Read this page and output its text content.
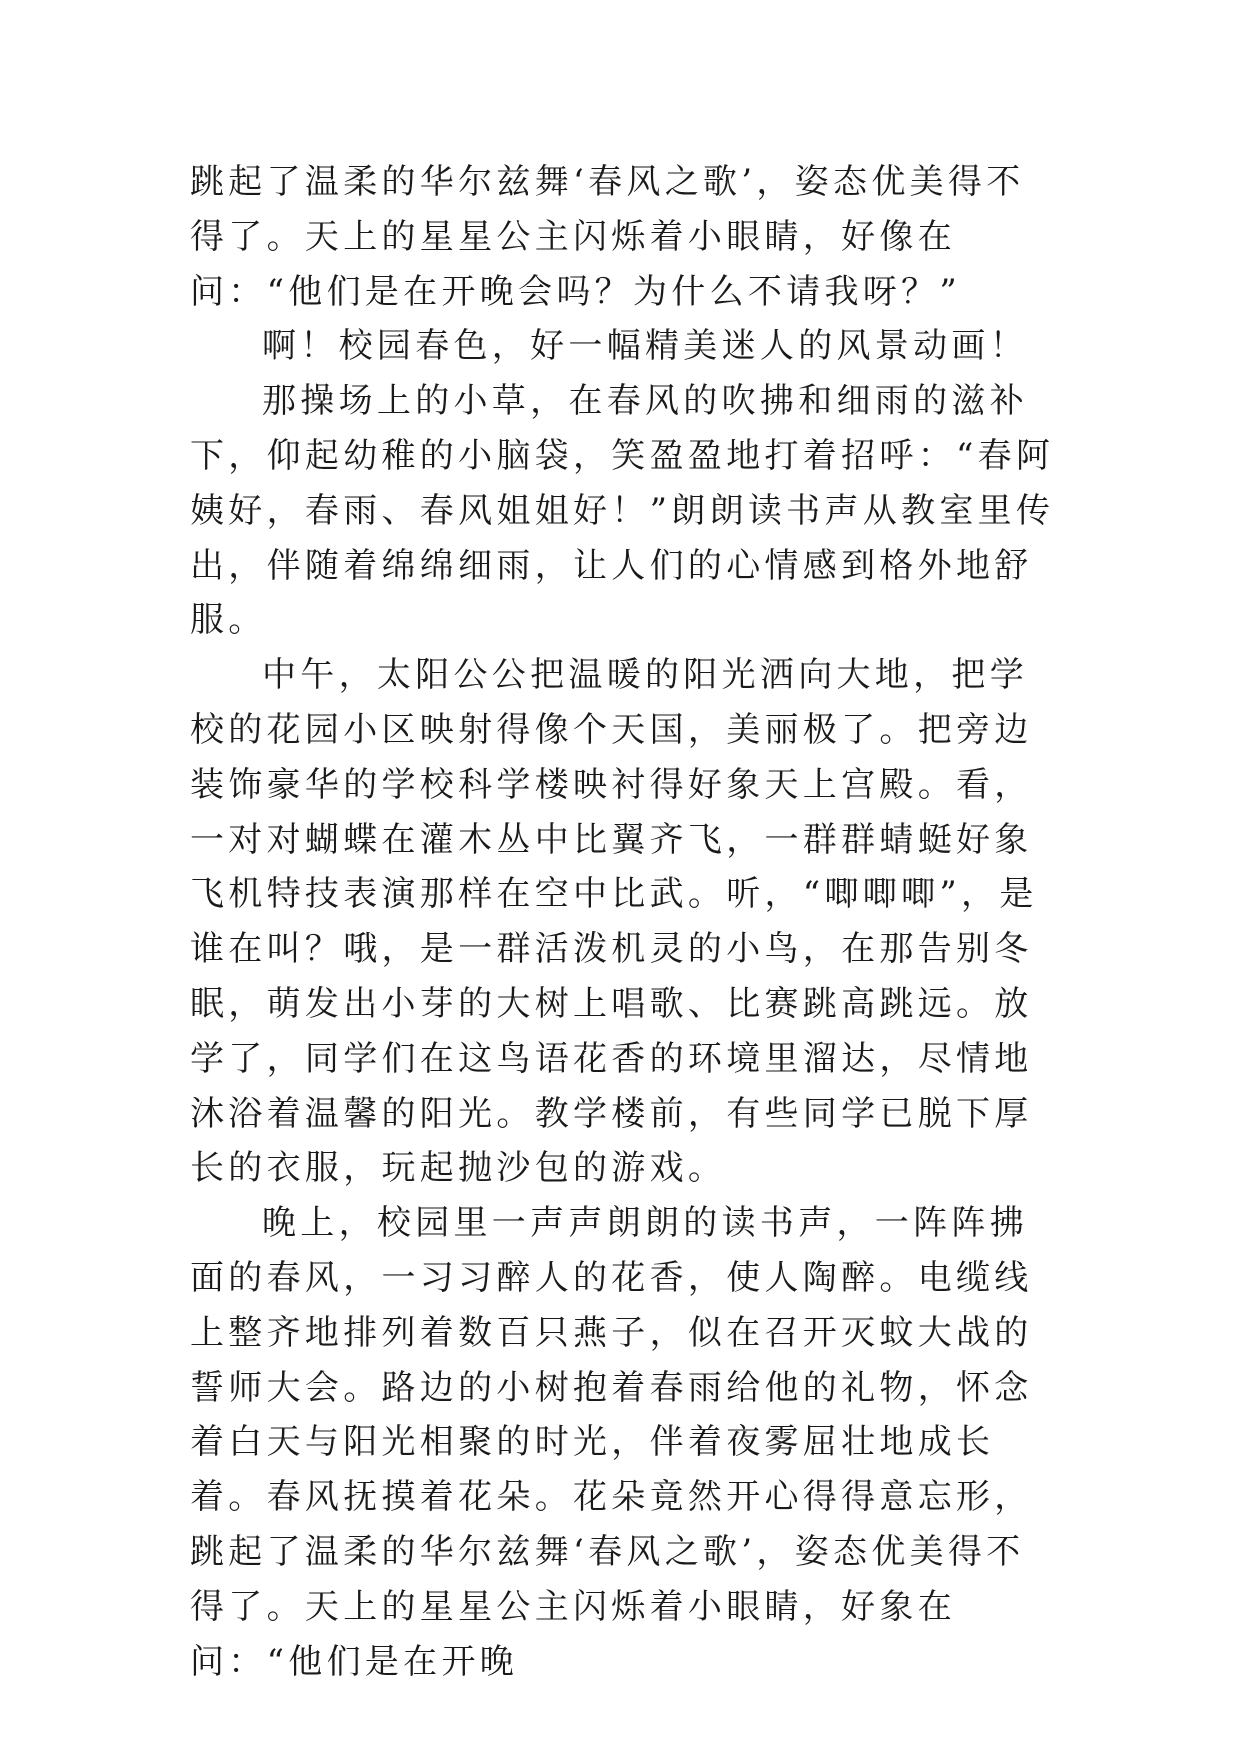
跳起了温柔的华尔兹舞‘春风之歌’，姿态优美得不得了。天上的星星公主闪烁着小眼睛，好像在问：“他们是在开晚会吗？为什么不请我呀？”

啊！校园春色，好一幅精美迷人的风景动画！

那操场上的小草，在春风的吹拂和细雨的滋补下，仰起幼稚的小脑袋，笑盈盈地打着招呼：“春阿姨好，春雨、春风姐姐好！”朗朗读书声从教室里传出，伴随着绵绵细雨，让人们的心情感到格外地舒服。

中午，太阳公公把温暖的阳光洒向大地，把学校的花园小区映射得像个天国，美丽极了。把旁边装饰豪华的学校科学楼映衬得好象天上宫殿。看，一对对蝴蝶在灌木丛中比翼齐飞，一群群蜻蜓好象飞机特技表演那样在空中比武。听，“唧唧唧”，是谁在叫？哦，是一群活泼机灵的小鸟，在那告别冬眠，萌发出小芽的大树上唱歌、比赛跳高跳远。放学了，同学们在这鸟语花香的环境里溜达，尽情地沐浴着温馨的阳光。教学楼前，有些同学已脱下厚长的衣服，玩起抛沙包的游戏。

晚上，校园里一声声朗朗的读书声，一阵阵拂面的春风，一习习醉人的花香，使人陶醉。电缆线上整齐地排列着数百只燕子，似在召开灭蚊大战的誓师大会。路边的小树抱着春雨给他的礼物，怀念着白天与阳光相聚的时光，伴着夜雾屈壮地成长着。春风抚摸着花朵。花朵竟然开心得得意忘形，跳起了温柔的华尔兹舞‘春风之歌’，姿态优美得不得了。天上的星星公主闪烁着小眼睛，好象在问：“他们是在开晚
